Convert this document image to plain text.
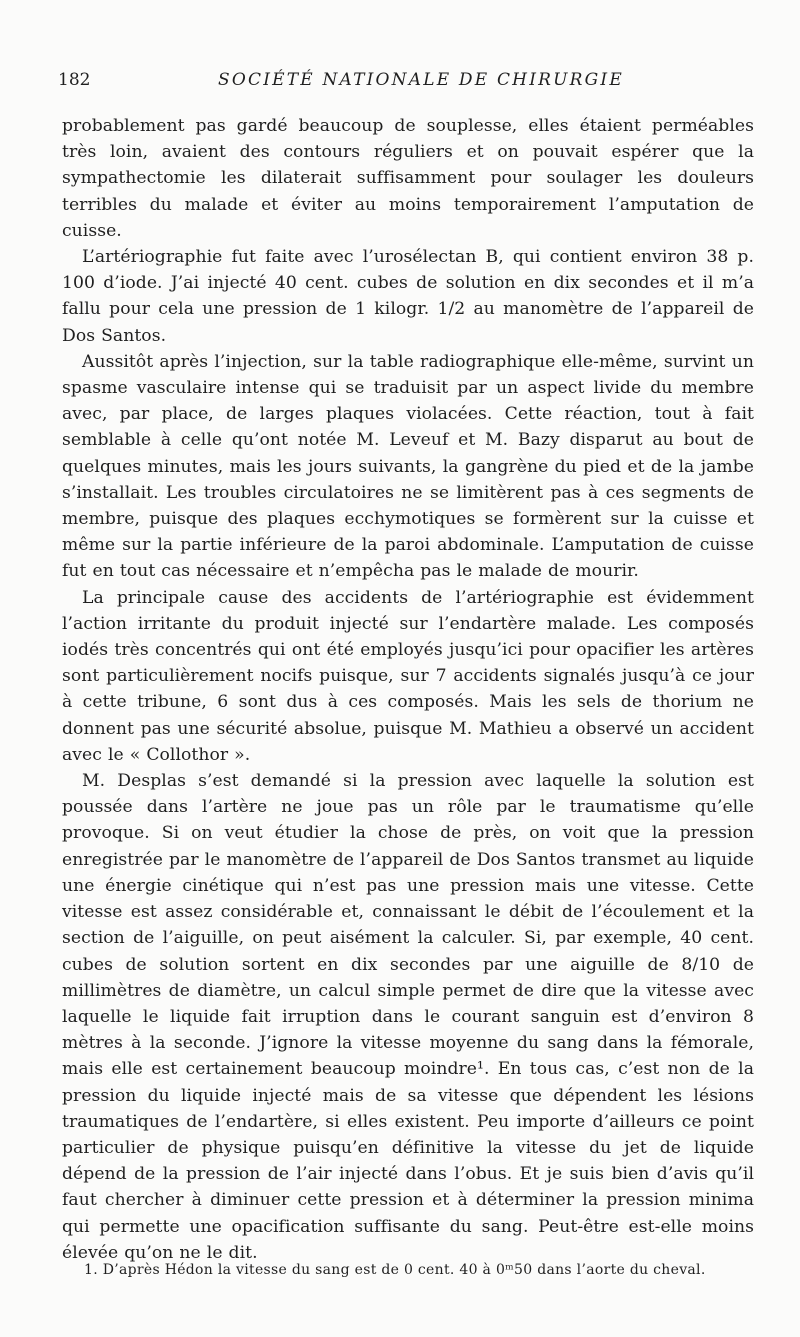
182	SOCIÉTÉ NATIONALE DE CHIRURGIE

probablement pas gardé beaucoup de souplesse, elles étaient perméables très loin, avaient des contours réguliers et on pouvait espérer que la sympathectomie les dilaterait suffisamment pour soulager les douleurs terribles du malade et éviter au moins temporairement l’amputation de cuisse.

L’artériographie fut faite avec l’urosélectan B, qui contient environ 38 p. 100 d’iode. J’ai injecté 40 cent. cubes de solution en dix secondes et il m’a fallu pour cela une pression de 1 kilogr. 1/2 au manomètre de l’appareil de Dos Santos.

Aussitôt après l’injection, sur la table radiographique elle-même, survint un spasme vasculaire intense qui se traduisit par un aspect livide du membre avec, par place, de larges plaques violacées. Cette réaction, tout à fait semblable à celle qu’ont notée M. Leveuf et M. Bazy disparut au bout de quelques minutes, mais les jours suivants, la gangrène du pied et de la jambe s’installait. Les troubles circulatoires ne se limitèrent pas à ces segments de membre, puisque des plaques ecchymotiques se formèrent sur la cuisse et même sur la partie inférieure de la paroi abdominale. L’amputation de cuisse fut en tout cas nécessaire et n’empêcha pas le malade de mourir.

La principale cause des accidents de l’artériographie est évidemment l’action irritante du produit injecté sur l’endartère malade. Les composés iodés très concentrés qui ont été employés jusqu’ici pour opacifier les artères sont particulièrement nocifs puisque, sur 7 accidents signalés jusqu’à ce jour à cette tribune, 6 sont dus à ces composés. Mais les sels de thorium ne donnent pas une sécurité absolue, puisque M. Mathieu a observé un accident avec le « Collothor ».

M. Desplas s’est demandé si la pression avec laquelle la solution est poussée dans l’artère ne joue pas un rôle par le traumatisme qu’elle provoque. Si on veut étudier la chose de près, on voit que la pression enregistrée par le manomètre de l’appareil de Dos Santos transmet au liquide une énergie cinétique qui n’est pas une pression mais une vitesse. Cette vitesse est assez considérable et, connaissant le débit de l’écoulement et la section de l’aiguille, on peut aisément la calculer. Si, par exemple, 40 cent. cubes de solution sortent en dix secondes par une aiguille de 8/10 de millimètres de diamètre, un calcul simple permet de dire que la vitesse avec laquelle le liquide fait irruption dans le courant sanguin est d’environ 8 mètres à la seconde. J’ignore la vitesse moyenne du sang dans la fémorale, mais elle est certainement beaucoup moindre¹. En tous cas, c’est non de la pression du liquide injecté mais de sa vitesse que dépendent les lésions traumatiques de l’endartère, si elles existent. Peu importe d’ailleurs ce point particulier de physique puisqu’en définitive la vitesse du jet de liquide dépend de la pression de l’air injecté dans l’obus. Et je suis bien d’avis qu’il faut chercher à diminuer cette pression et à déterminer la pression minima qui permette une opacification suffisante du sang. Peut-être est-elle moins élevée qu’on ne le dit.

1. D’après Hédon la vitesse du sang est de 0 cent. 40 à 0ᵐ50 dans l’aorte du cheval.
